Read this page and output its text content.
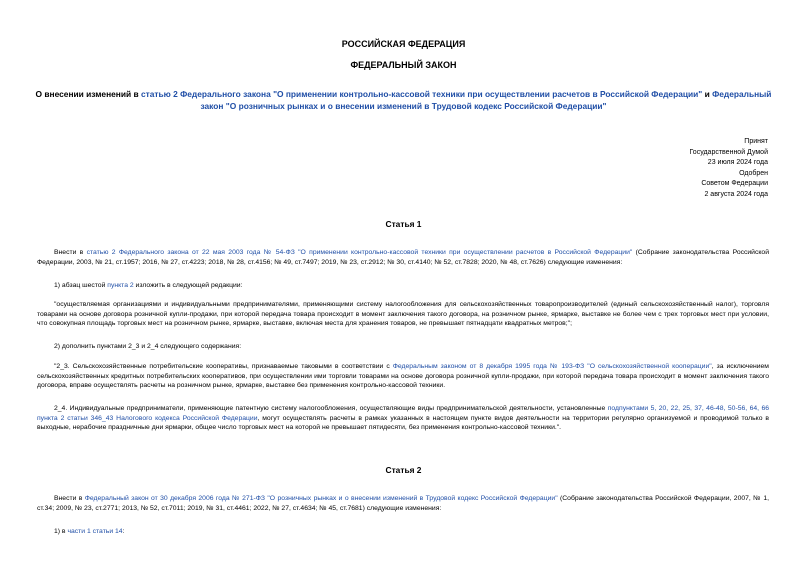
РОССИЙСКАЯ ФЕДЕРАЦИЯ
ФЕДЕРАЛЬНЫЙ ЗАКОН
О внесении изменений в статью 2 Федерального закона "О применении контрольно-кассовой техники при осуществлении расчетов в Российской Федерации" и Федеральный закон "О розничных рынках и о внесении изменений в Трудовой кодекс Российской Федерации"
Принят
Государственной Думой
23 июля 2024 года
Одобрен
Советом Федерации
2 августа 2024 года
Статья 1
Внести в статью 2 Федерального закона от 22 мая 2003 года № 54-ФЗ "О применении контрольно-кассовой техники при осуществлении расчетов в Российской Федерации" (Собрание законодательства Российской Федерации, 2003, № 21, ст.1957; 2016, № 27, ст.4223; 2018, № 28, ст.4156; № 49, ст.7497; 2019, № 23, ст.2912; № 30, ст.4140; № 52, ст.7828; 2020, № 48, ст.7626) следующие изменения:
1) абзац шестой пункта 2 изложить в следующей редакции:
"осуществляемая организациями и индивидуальными предпринимателями, применяющими систему налогообложения для сельскохозяйственных товаропроизводителей (единый сельскохозяйственный налог), торговля товарами на основе договора розничной купли-продажи, при которой передача товара происходит в момент заключения такого договора, на розничном рынке, ярмарке, выставке не более чем с трех торговых мест при условии, что совокупная площадь торговых мест на розничном рынке, ярмарке, выставке, включая места для хранения товаров, не превышает пятнадцати квадратных метров;";
2) дополнить пунктами 2_3 и 2_4 следующего содержания:
"2_3. Сельскохозяйственные потребительские кооперативы, признаваемые таковыми в соответствии с Федеральным законом от 8 декабря 1995 года № 193-ФЗ "О сельскохозяйственной кооперации", за исключением сельскохозяйственных кредитных потребительских кооперативов, при осуществлении ими торговли товарами на основе договора розничной купли-продажи, при которой передача товара происходит в момент заключения такого договора, вправе осуществлять расчеты на розничном рынке, ярмарке, выставке без применения контрольно-кассовой техники.
2_4. Индивидуальные предприниматели, применяющие патентную систему налогообложения, осуществляющие виды предпринимательской деятельности, установленные подпунктами 5, 20, 22, 25, 37, 46-48, 50-56, 64, 66 пункта 2 статьи 346_43 Налогового кодекса Российской Федерации, могут осуществлять расчеты в рамках указанных в настоящем пункте видов деятельности на территории регулярно организуемой и проводимой только в выходные, нерабочие праздничные дни ярмарки, общее число торговых мест на которой не превышает пятидесяти, без применения контрольно-кассовой техники.".
Статья 2
Внести в Федеральный закон от 30 декабря 2006 года № 271-ФЗ "О розничных рынках и о внесении изменений в Трудовой кодекс Российской Федерации" (Собрание законодательства Российской Федерации, 2007, № 1, ст.34; 2009, № 23, ст.2771; 2013, № 52, ст.7011; 2019, № 31, ст.4461; 2022, № 27, ст.4634; № 45, ст.7681) следующие изменения:
1) в части 1 статьи 14:
